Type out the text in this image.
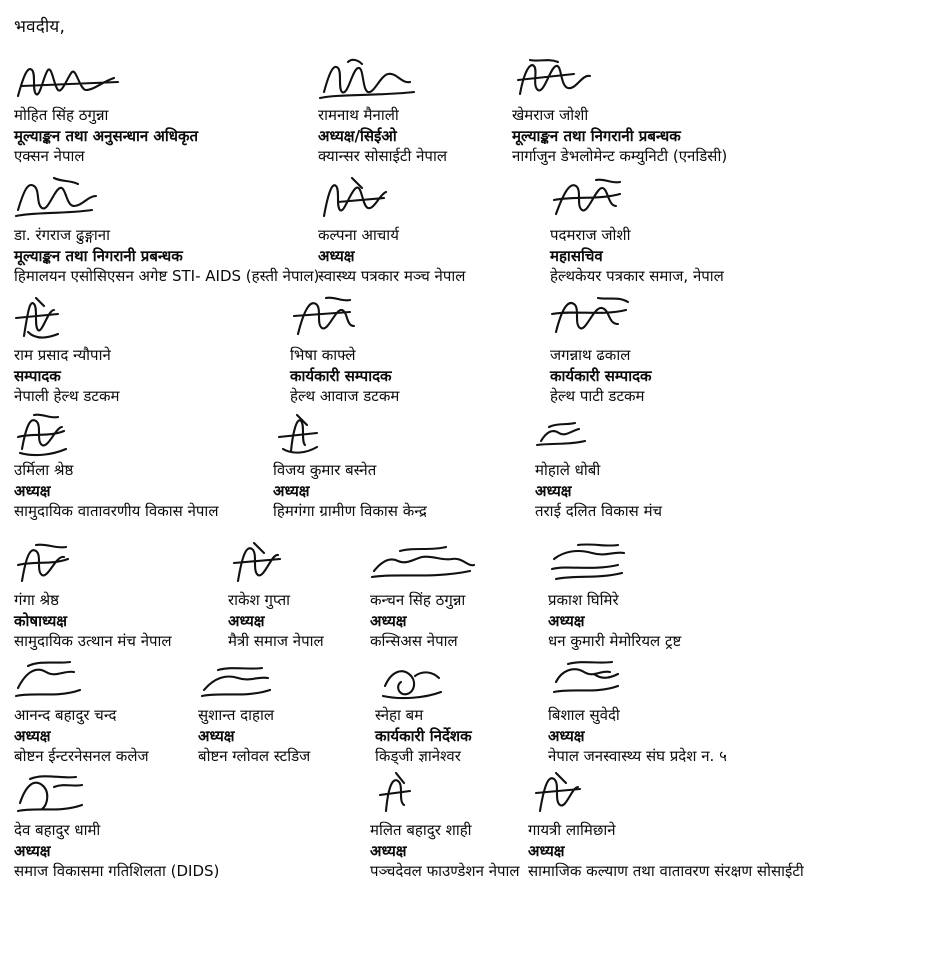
भवदीय,
मोहित सिंह ठगुन्ना
मूल्याङ्कन तथा अनुसन्धान अधिकृत
एक्सन नेपाल
रामनाथ मैनाली
अध्यक्ष/सिईओ
क्यान्सर सोसाईटी नेपाल
खेमराज जोशी
मूल्याङ्कन तथा निगरानी प्रबन्धक
नार्गाजुन डेभलोमेन्ट कम्युनिटी (एनडिसी)
डा. रंगराज ढुङ्गाना
मूल्याङ्कन तथा निगरानी प्रबन्धक
हिमालयन एसोसिएसन अगेष्ट STI- AIDS (हस्ती नेपाल)
कल्पना आचार्य
अध्यक्ष
स्वास्थ्य पत्रकार मञ्च नेपाल
पदमराज जोशी
महासचिव
हेल्थकेयर पत्रकार समाज, नेपाल
राम प्रसाद न्यौपाने
सम्पादक
नेपाली हेल्थ डटकम
भिषा काफ्ले
कार्यकारी सम्पादक
हेल्थ आवाज डटकम
जगन्नाथ ढकाल
कार्यकारी सम्पादक
हेल्थ पाटी डटकम
उर्मिला श्रेष्ठ
अध्यक्ष
सामुदायिक वातावरणीय विकास नेपाल
विजय कुमार बस्नेत
अध्यक्ष
हिमगंगा ग्रामीण विकास केन्द्र
मोहाले धोबी
अध्यक्ष
तराई दलित विकास मंच
गंगा श्रेष्ठ
कोषाध्यक्ष
सामुदायिक उत्थान मंच नेपाल
राकेश गुप्ता
अध्यक्ष
मैत्री समाज नेपाल
कन्चन सिंह ठगुन्ना
अध्यक्ष
कन्सिअस नेपाल
प्रकाश घिमिरे
अध्यक्ष
धन कुमारी मेमोरियल ट्रष्ट
आनन्द बहादुर चन्द
अध्यक्ष
बोष्टन ईन्टरनेसनल कलेज
सुशान्त दाहाल
अध्यक्ष
बोष्टन ग्लोवल स्टडिज
स्नेहा बम
कार्यकारी निर्देशक
किड्जी ज्ञानेश्वर
बिशाल सुवेदी
अध्यक्ष
नेपाल जनस्वास्थ्य संघ प्रदेश न. ५
देव बहादुर धामी
अध्यक्ष
समाज विकासमा गतिशिलता (DIDS)
मलित बहादुर शाही
अध्यक्ष
पञ्चदेवल फाउण्डेशन नेपाल
गायत्री लामिछाने
अध्यक्ष
सामाजिक कल्याण तथा वातावरण संरक्षण सोसाईटी
